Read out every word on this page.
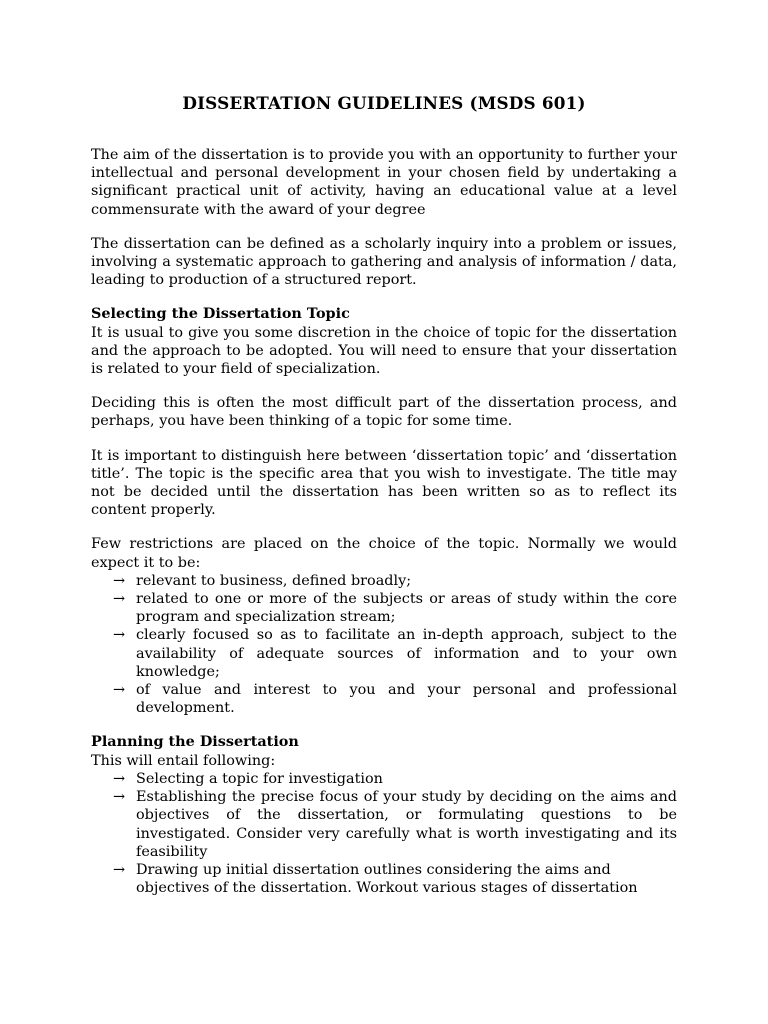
DISSERTATION GUIDELINES (MSDS 601)

The aim of the dissertation is to provide you with an opportunity to further your intellectual and personal development in your chosen field by undertaking a significant practical unit of activity, having an educational value at a level commensurate with the award of your degree

The dissertation can be defined as a scholarly inquiry into a problem or issues, involving a systematic approach to gathering and analysis of information / data, leading to production of a structured report.

Selecting the Dissertation Topic

It is usual to give you some discretion in the choice of topic for the dissertation and the approach to be adopted. You will need to ensure that your dissertation is related to your field of specialization.

Deciding this is often the most difficult part of the dissertation process, and perhaps, you have been thinking of a topic for some time.

It is important to distinguish here between ‘dissertation topic’ and ‘dissertation title’. The topic is the specific area that you wish to investigate. The title may not be decided until the dissertation has been written so as to reflect its content properly.

Few restrictions are placed on the choice of the topic. Normally we would expect it to be:

→ relevant to business, defined broadly;
→ related to one or more of the subjects or areas of study within the core program and specialization stream;
→ clearly focused so as to facilitate an in-depth approach, subject to the availability of adequate sources of information and to your own knowledge;
→ of value and interest to you and your personal and professional development.
Planning the Dissertation

This will entail following:

→ Selecting a topic for investigation
→ Establishing the precise focus of your study by deciding on the aims and objectives of the dissertation, or formulating questions to be investigated. Consider very carefully what is worth investigating and its feasibility
→ Drawing up initial dissertation outlines considering the aims and objectives of the dissertation. Workout various stages of dissertation
